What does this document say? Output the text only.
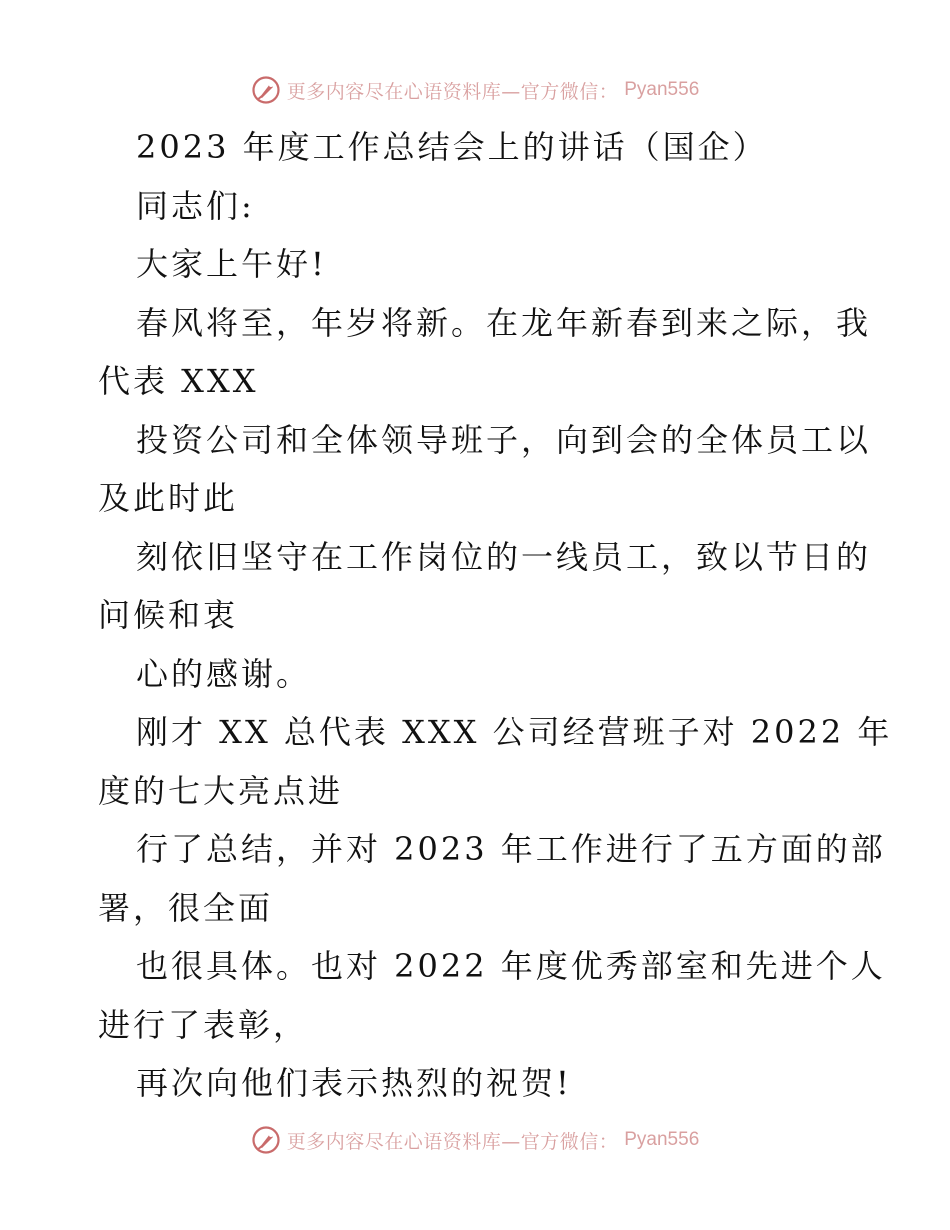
更多内容尽在心语资料库—官方微信： Pyan556
2023 年度工作总结会上的讲话（国企）
同志们:
大家上午好!
春风将至，年岁将新。在龙年新春到来之际，我
代表 XXX
投资公司和全体领导班子，向到会的全体员工以
及此时此
刻依旧坚守在工作岗位的一线员工，致以节日的
问候和衷
心的感谢。
刚才 XX 总代表 XXX 公司经营班子对 2022 年
度的七大亮点进
行了总结，并对 2023 年工作进行了五方面的部
署，很全面
也很具体。也对 2022 年度优秀部室和先进个人
进行了表彰，
再次向他们表示热烈的祝贺!
更多内容尽在心语资料库—官方微信： Pyan556
